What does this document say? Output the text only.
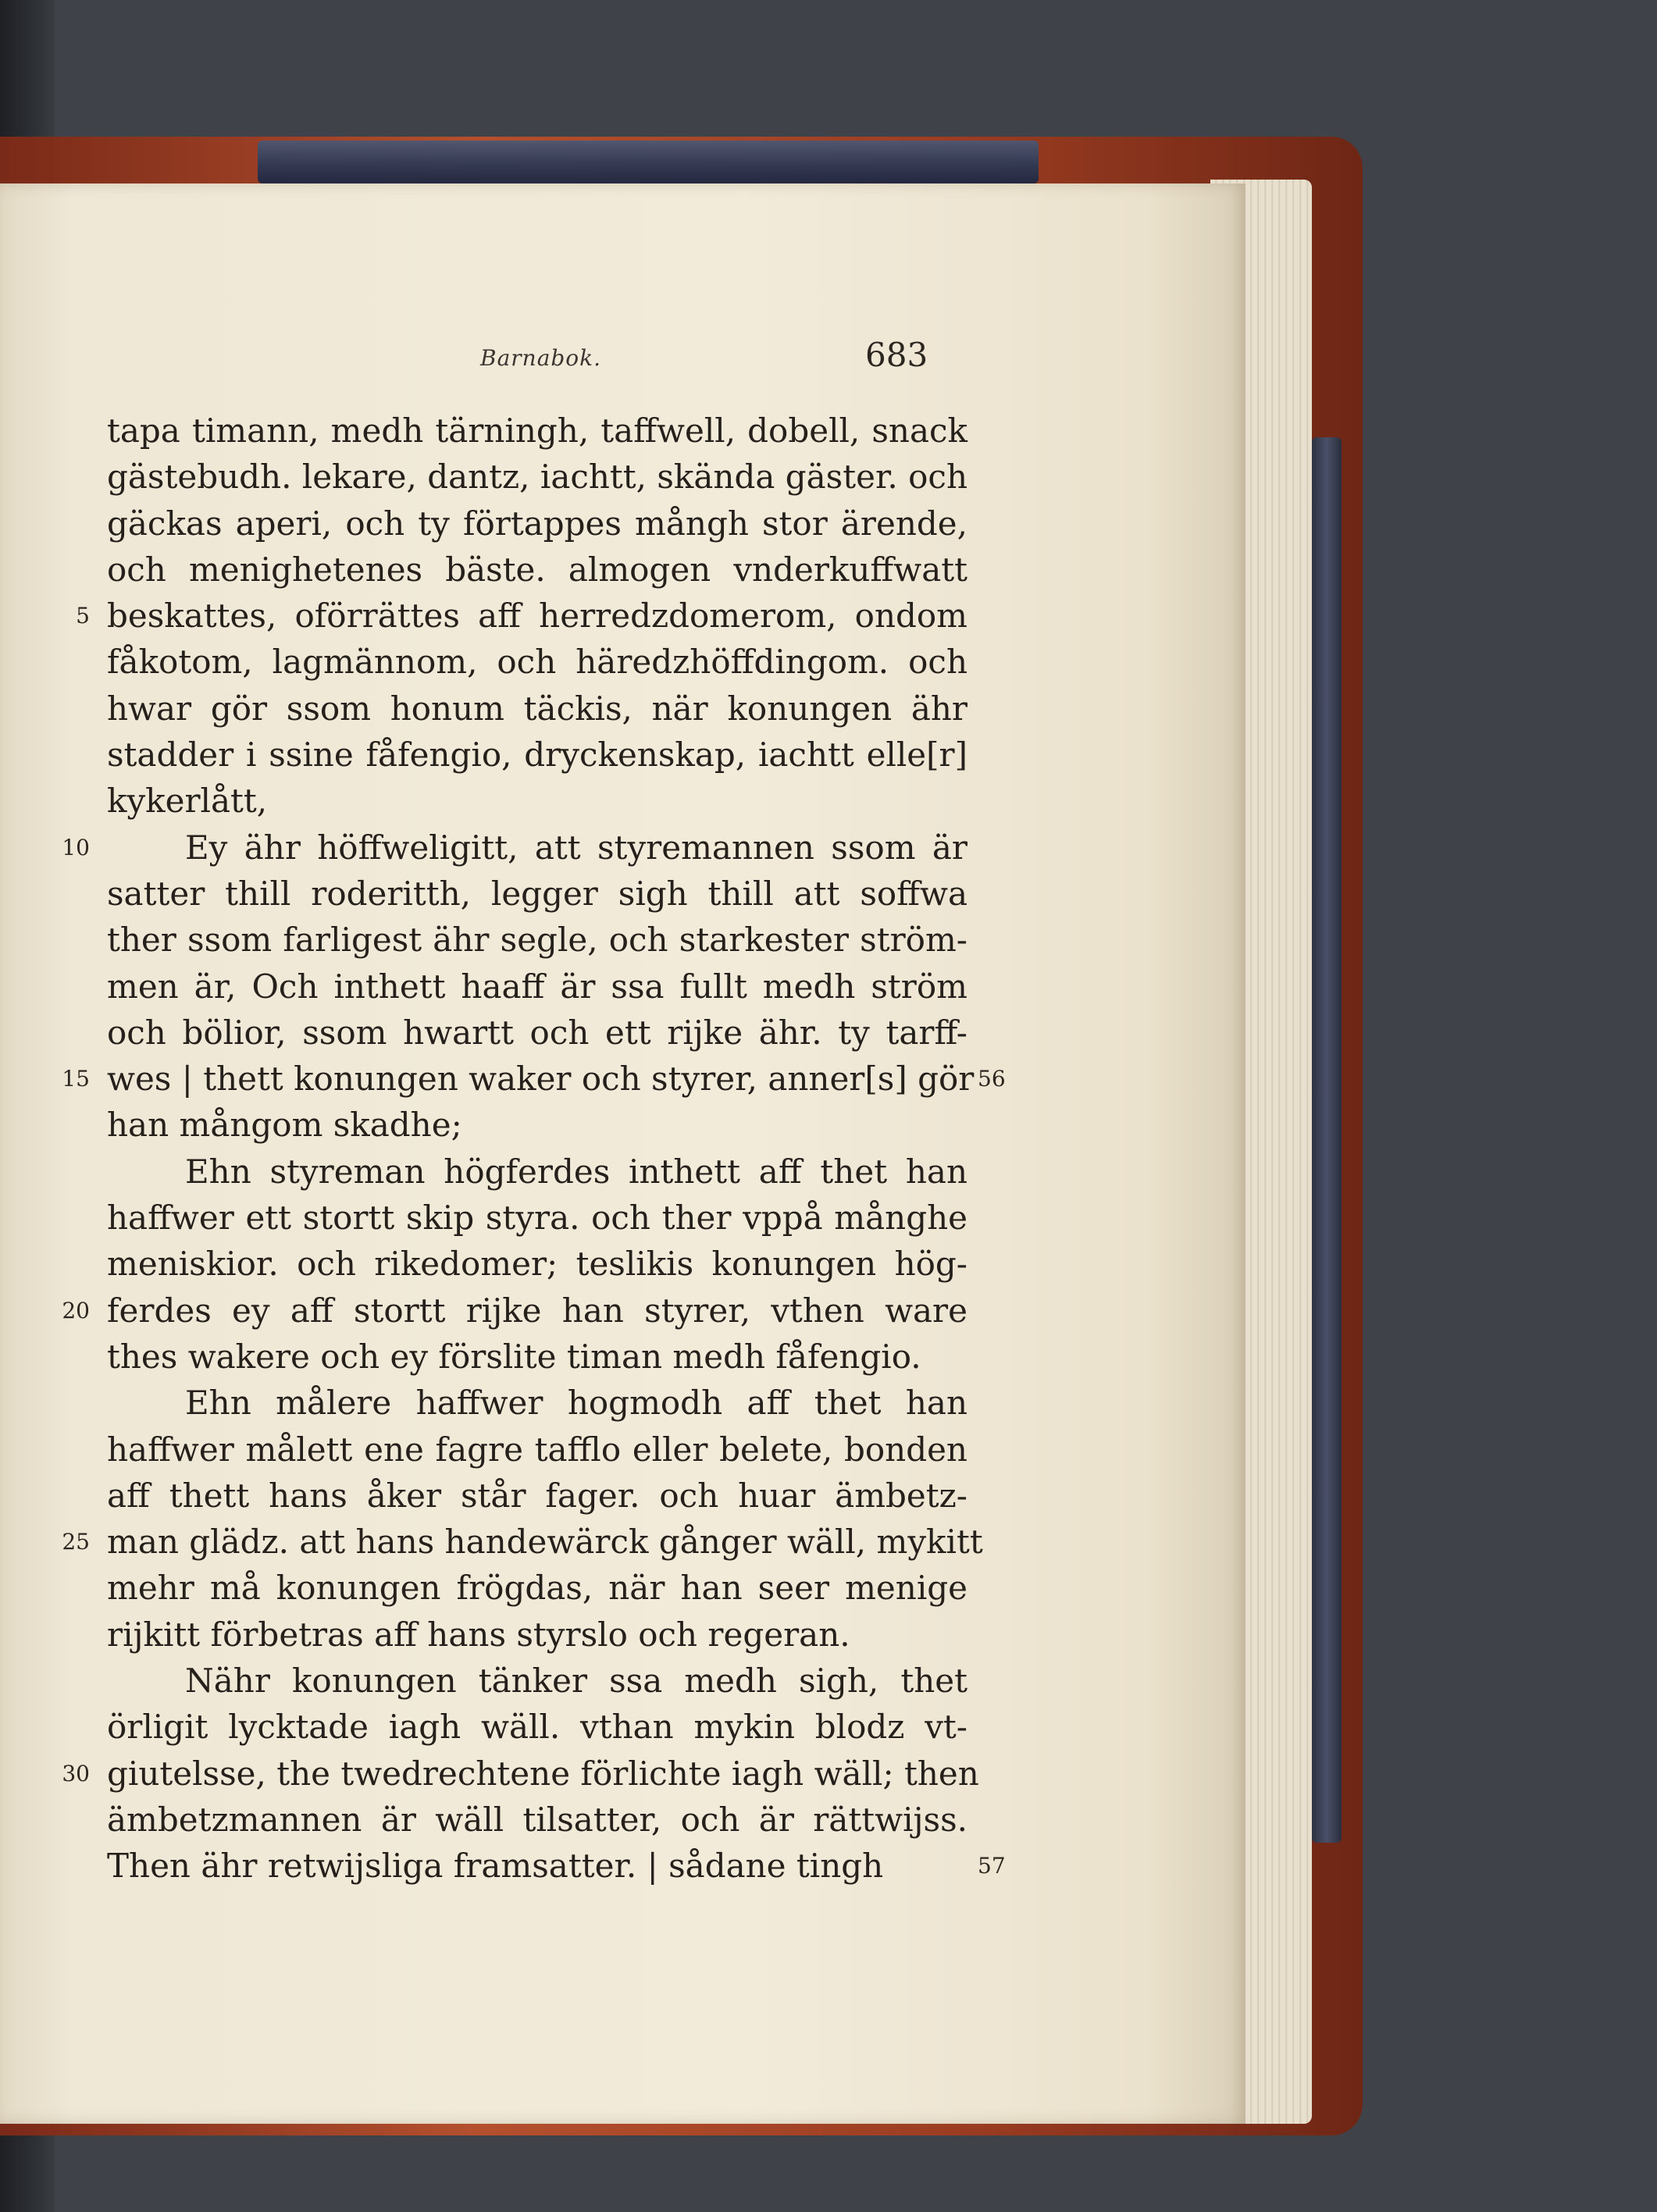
Barnabok.	683
tapa timann, medh tärningh, taffwell, dobell, snack
gästebudh. lekare, dantz, iachtt, skända gäster. och
gäckas aperi, och ty förtappes mångh stor ärende,
och menighetenes bäste. almogen vnderkuffwatt
5 beskattes, oförrättes aff herredzdomerom, ondom
fåkotom, lagmännom, och häredzhöffdingom. och
hwar gör ssom honum täckis, när konungen ähr
stadder i ssine fåfengio, dryckenskap, iachtt elle[r]
kykerlått,
10	Ey ähr höffweligitt, att styremannen ssom är
satter thill roderitth, legger sigh thill att soffwa
ther ssom farligest ähr segle, och starkester ström-
men är, Och inthett haaff är ssa fullt medh ström
och bölior, ssom hwartt och ett rijke ähr. ty tarff-
15 wes | thett konungen waker och styrer, anner[s] gör 56
han mångom skadhe;
Ehn styreman högferdes inthett aff thet han
haffwer ett stortt skip styra. och ther vppå månghe
meniskior. och rikedomer; teslikis konungen hög-
20 ferdes ey aff stortt rijke han styrer, vthen ware
thes wakere och ey förslite timan medh fåfengio.
Ehn målere haffwer hogmodh aff thet han
haffwer målett ene fagre tafflo eller belete, bonden
aff thett hans åker står fager. och huar ämbetz-
25 man glädz. att hans handewärck gånger wäll, mykitt
mehr må konungen frögdas, när han seer menige
rijkitt förbetras aff hans styrslo och regeran.
Nähr konungen tänker ssa medh sigh, thet
örligit lycktade iagh wäll. vthan mykin blodz vt-
30 giutelsse, the twedrechtene förlichte iagh wäll; then
ämbetzmannen är wäll tilsatter, och är rättwijss.
Then ähr retwijsliga framsatter. | sådane tingh	57
